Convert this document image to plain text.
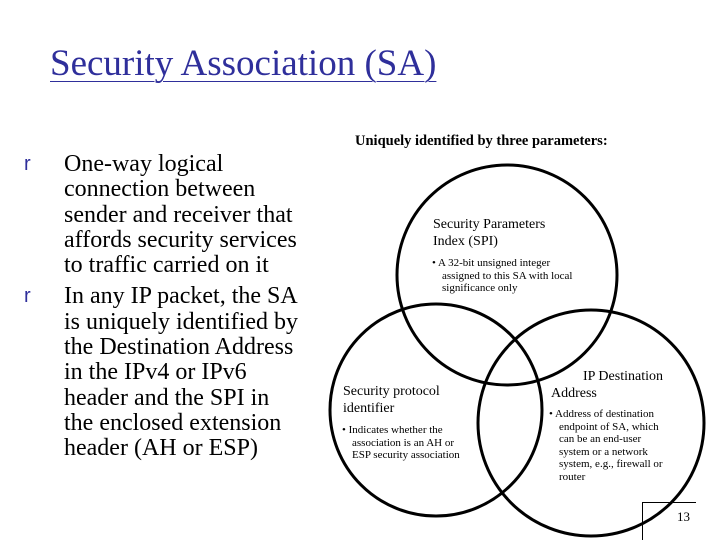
Security Association (SA)
r One-way logical
connection between
sender and receiver that
affords security services
to traffic carried on it
r In any IP packet, the SA
is uniquely identified by
the Destination Address
in the IPv4 or IPv6
header and the SPI in
the enclosed extension
header (AH or ESP)
Uniquely identified by three parameters:
Security Parameters
Index (SPI)
• A 32-bit unsigned integer
assigned to this SA with local
significance only
Security protocol
identifier
• Indicates whether the
association is an AH or
ESP security association
IP Destination
Address
• Address of destination
endpoint of SA, which
can be an end-user
system or a network
system, e.g., firewall or
router
13
